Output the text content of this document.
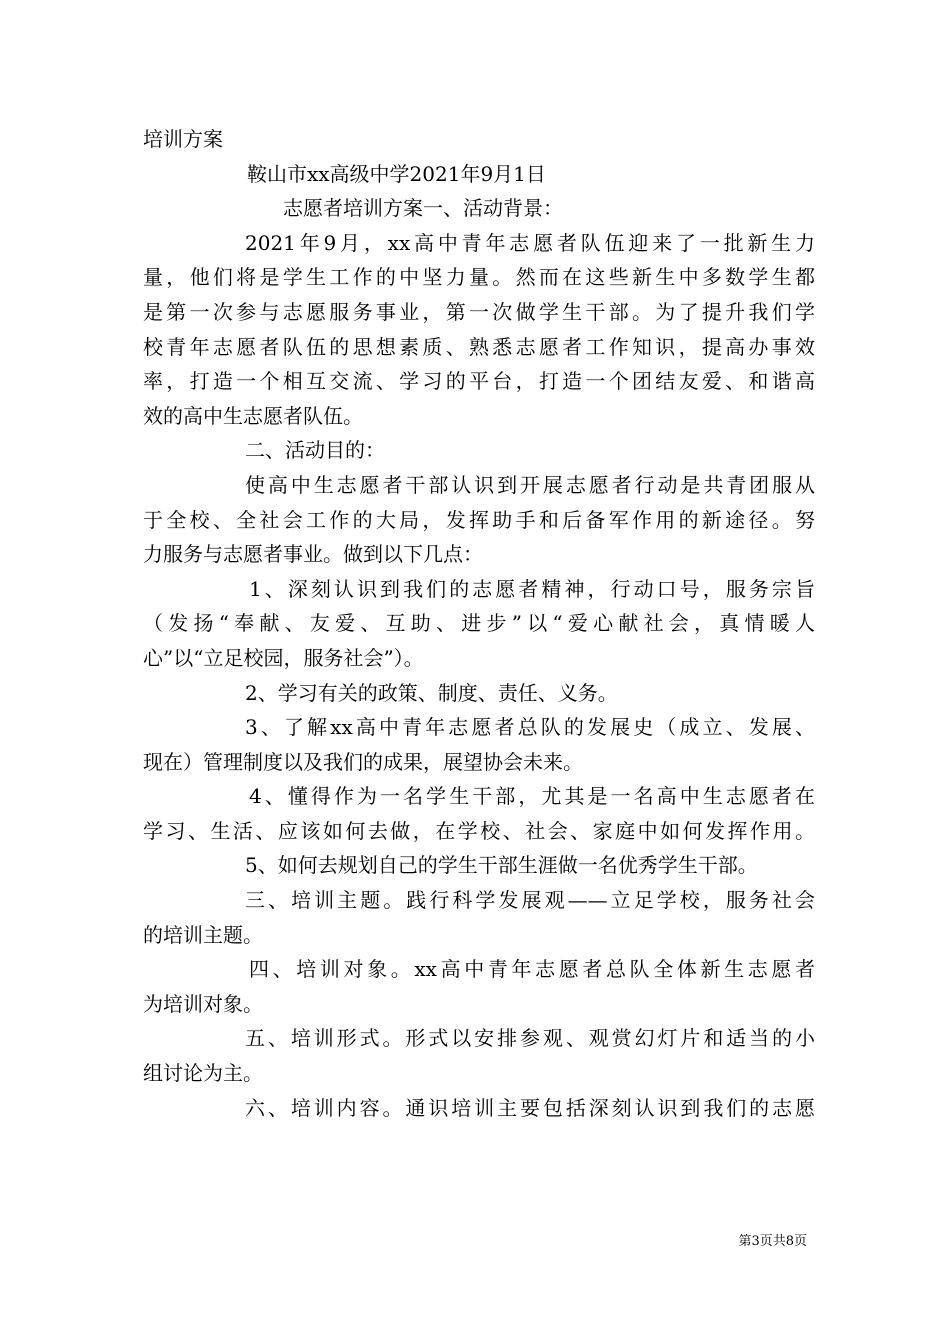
培训方案
鞍山市xx高级中学2021年9月1日
志愿者培训方案一、活动背景：
2021年9月，xx高中青年志愿者队伍迎来了一批新生力
量，他们将是学生工作的中坚力量。然而在这些新生中多数学生都
是第一次参与志愿服务事业，第一次做学生干部。为了提升我们学
校青年志愿者队伍的思想素质、熟悉志愿者工作知识，提高办事效
率，打造一个相互交流、学习的平台，打造一个团结友爱、和谐高
效的高中生志愿者队伍。
二、活动目的：
使高中生志愿者干部认识到开展志愿者行动是共青团服从
于全校、全社会工作的大局，发挥助手和后备军作用的新途径。努
力服务与志愿者事业。做到以下几点：
1、深刻认识到我们的志愿者精神，行动口号，服务宗旨
（发扬“奉献、友爱、互助、进步”以“爱心献社会，真情暖人
心”以“立足校园，服务社会”）。
2、学习有关的政策、制度、责任、义务。
3、了解xx高中青年志愿者总队的发展史（成立、发展、
现在）管理制度以及我们的成果，展望协会未来。
4、懂得作为一名学生干部，尤其是一名高中生志愿者在
学习、生活、应该如何去做，在学校、社会、家庭中如何发挥作用。
5、如何去规划自己的学生干部生涯做一名优秀学生干部。
三、培训主题。践行科学发展观——立足学校，服务社会
的培训主题。
四、培训对象。xx高中青年志愿者总队全体新生志愿者
为培训对象。
五、培训形式。形式以安排参观、观赏幻灯片和适当的小
组讨论为主。
六、培训内容。通识培训主要包括深刻认识到我们的志愿
第3页共8页
